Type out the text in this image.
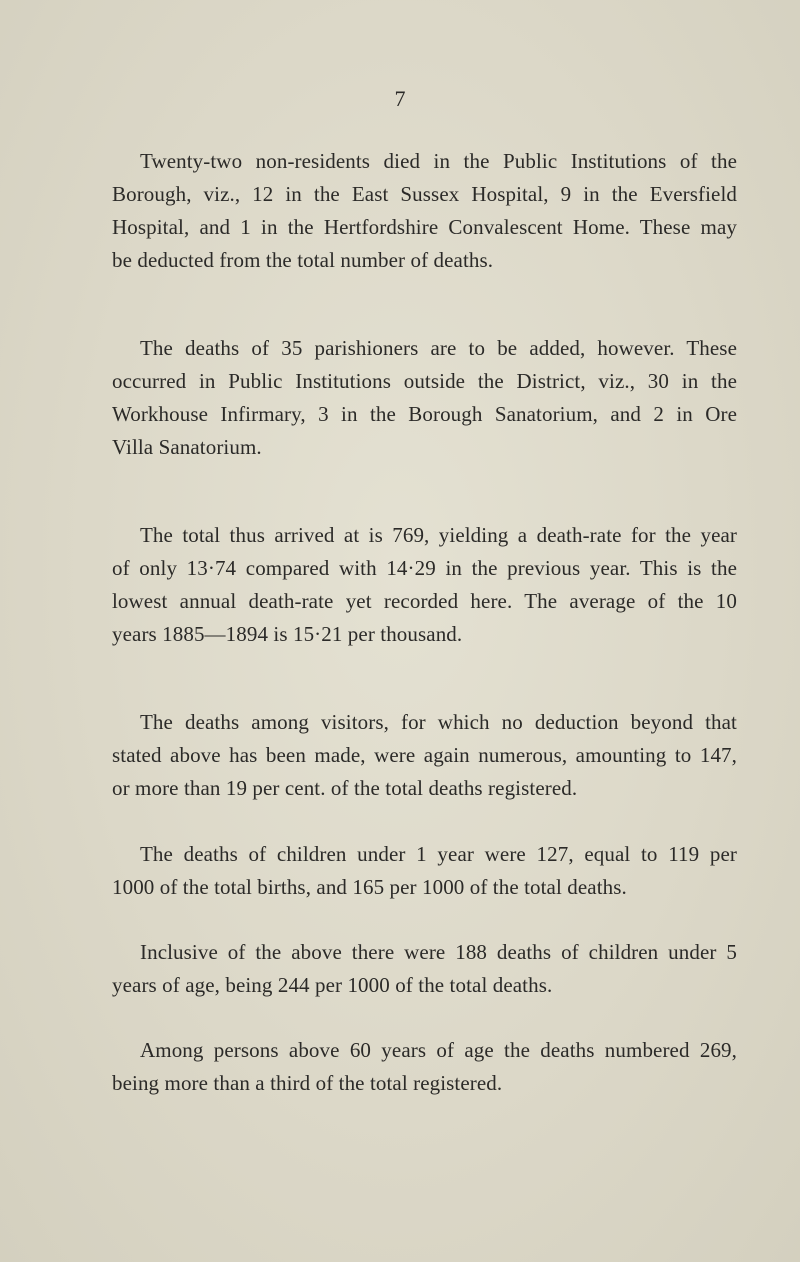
7
Twenty-two non-residents died in the Public Institutions of the
Borough, viz., 12 in the East Sussex Hospital, 9 in the Eversfield
Hospital, and 1 in the Hertfordshire Convalescent Home. These may
be deducted from the total number of deaths.
The deaths of 35 parishioners are to be added, however. These
occurred in Public Institutions outside the District, viz., 30 in the
Workhouse Infirmary, 3 in the Borough Sanatorium, and 2 in Ore
Villa Sanatorium.
The total thus arrived at is 769, yielding a death-rate for the year
of only 13·74 compared with 14·29 in the previous year. This is the
lowest annual death-rate yet recorded here. The average of the 10
years 1885—1894 is 15·21 per thousand.
The deaths among visitors, for which no deduction beyond that
stated above has been made, were again numerous, amounting to 147,
or more than 19 per cent. of the total deaths registered.
The deaths of children under 1 year were 127, equal to 119 per
1000 of the total births, and 165 per 1000 of the total deaths.
Inclusive of the above there were 188 deaths of children under 5
years of age, being 244 per 1000 of the total deaths.
Among persons above 60 years of age the deaths numbered 269,
being more than a third of the total registered.
